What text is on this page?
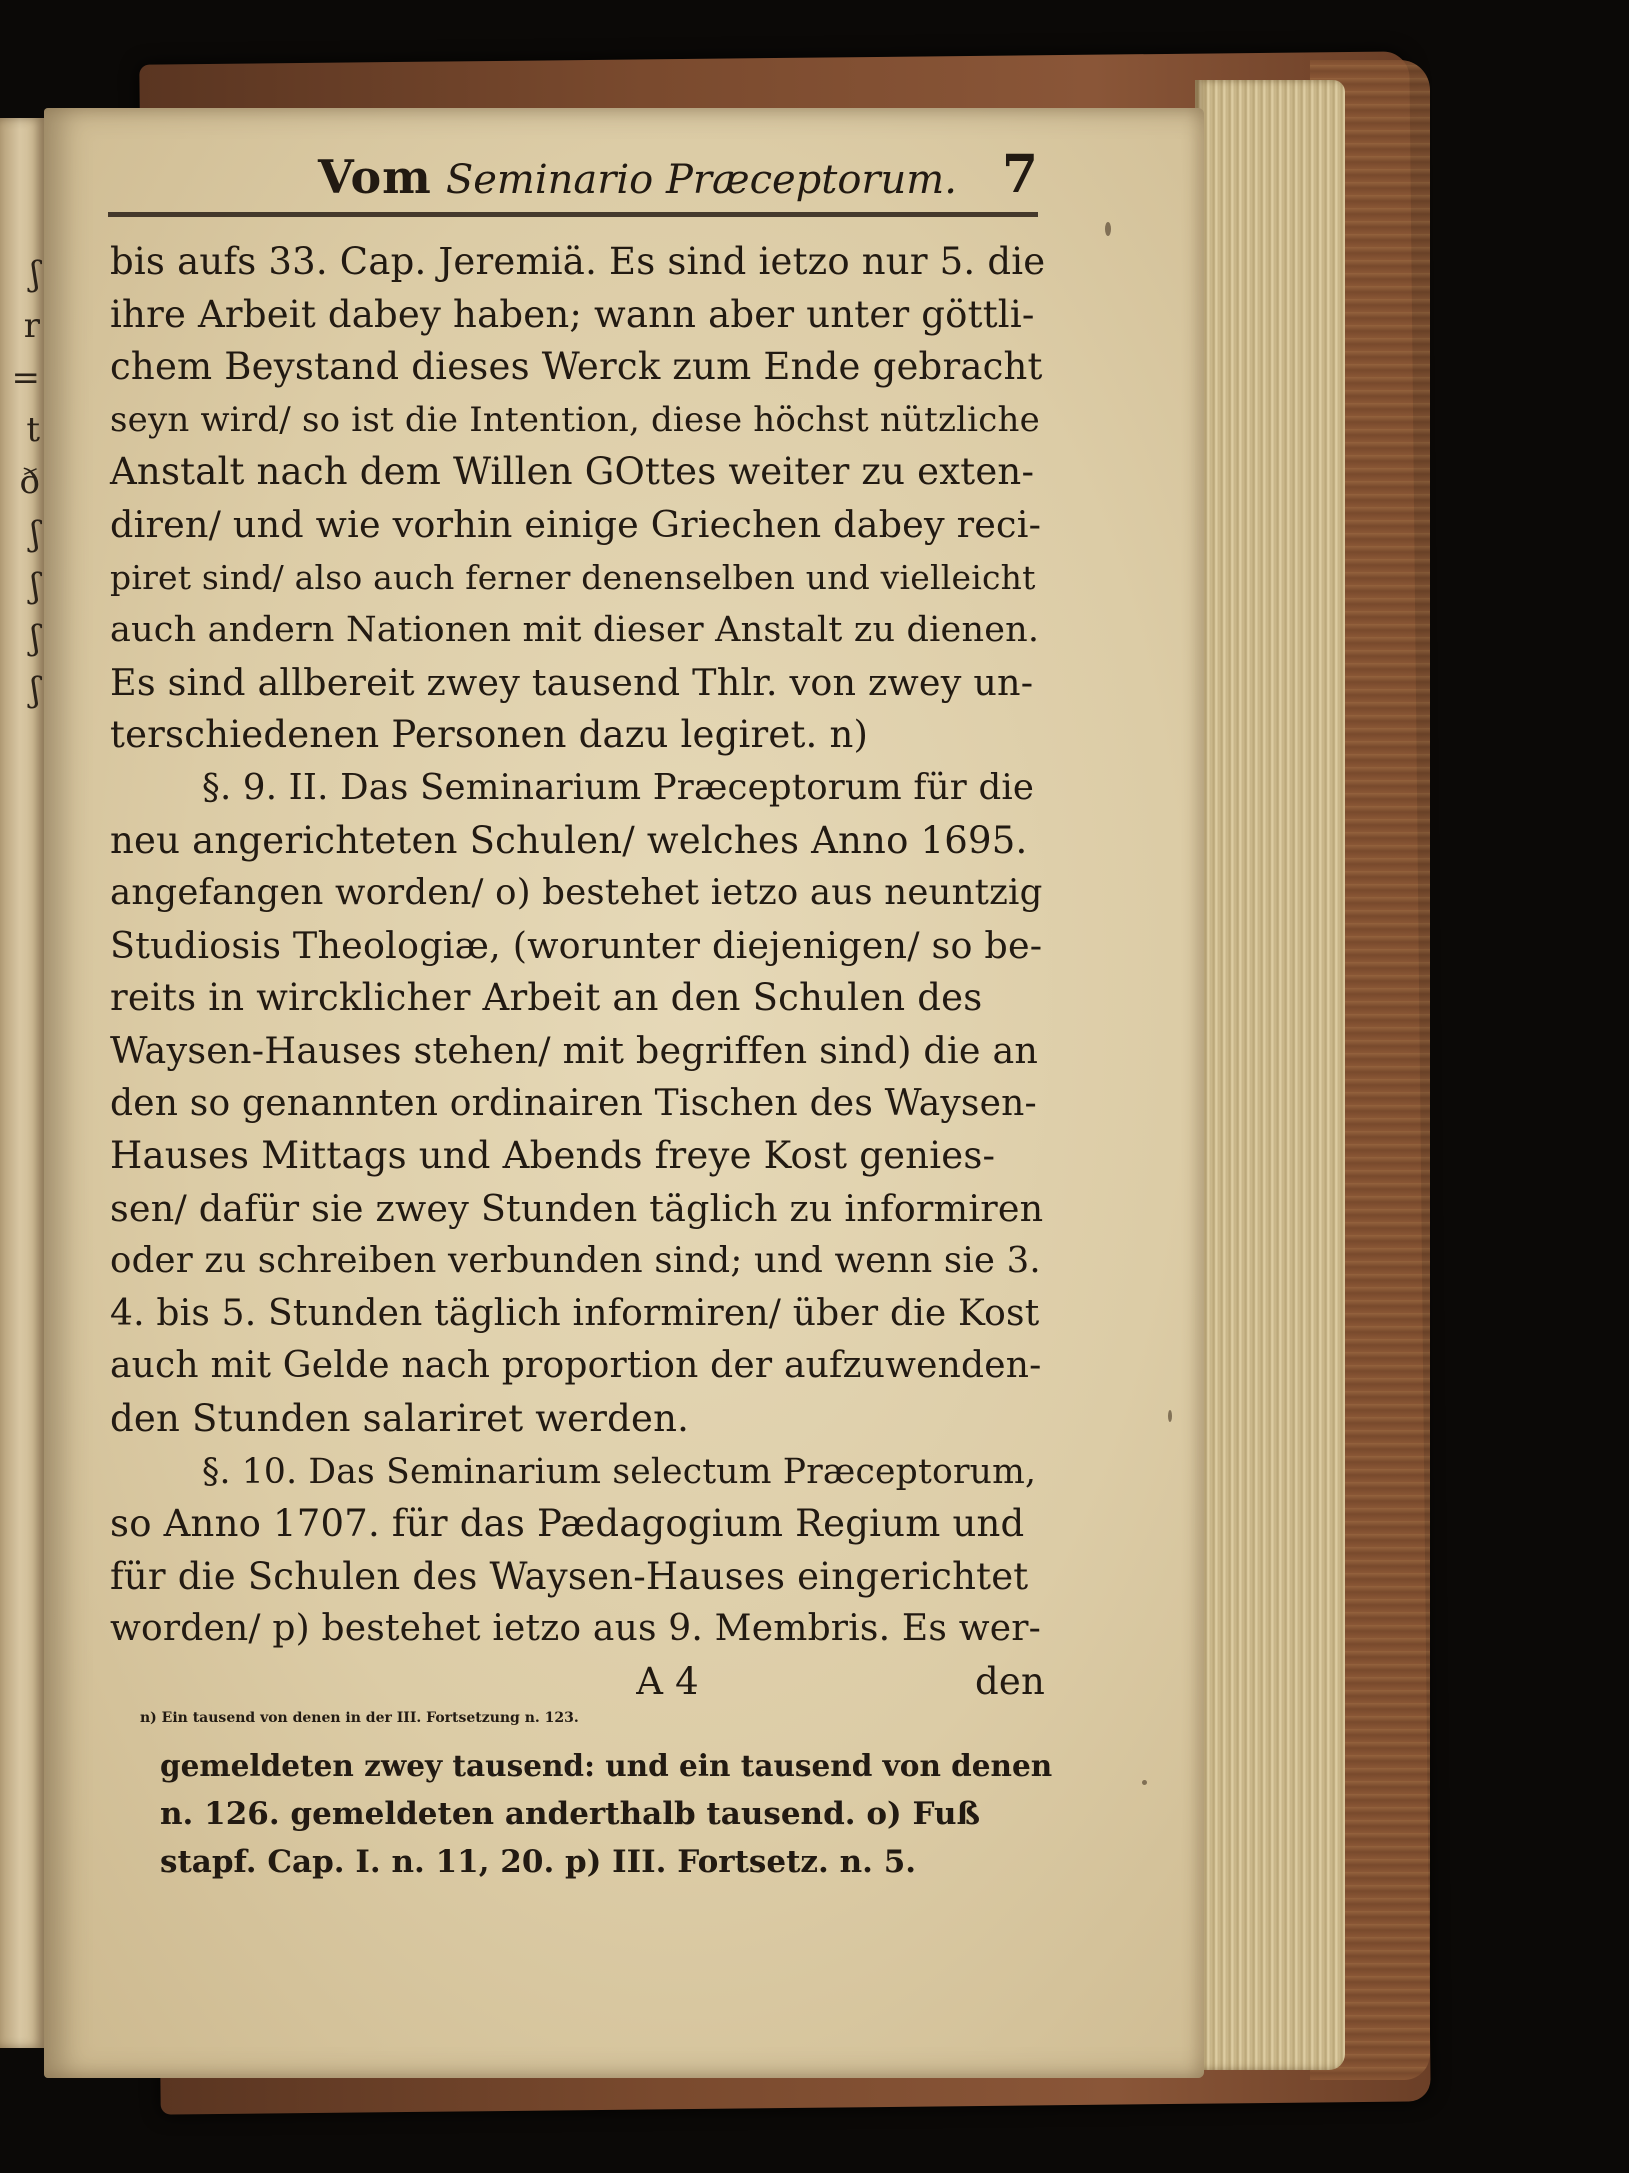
ʃ
r
=
t
ð
ʃ
ʃ
ʃ
ʃ
Vom Seminario Præceptorum. 7
bis aufs 33. Cap. Jeremiä. Es sind ietzo nur 5. die
ihre Arbeit dabey haben; wann aber unter göttli-
chem Beystand dieses Werck zum Ende gebracht
seyn wird/ so ist die Intention, diese höchst nützliche
Anstalt nach dem Willen GOttes weiter zu exten-
diren/ und wie vorhin einige Griechen dabey reci-
piret sind/ also auch ferner denenselben und vielleicht
auch andern Nationen mit dieser Anstalt zu dienen.
Es sind allbereit zwey tausend Thlr. von zwey un-
terschiedenen Personen dazu legiret. n)
§. 9. II. Das Seminarium Præceptorum für die
neu angerichteten Schulen/ welches Anno 1695.
angefangen worden/ o) bestehet ietzo aus neuntzig
Studiosis Theologiæ, (worunter diejenigen/ so be-
reits in wircklicher Arbeit an den Schulen des
Waysen-Hauses stehen/ mit begriffen sind) die an
den so genannten ordinairen Tischen des Waysen-
Hauses Mittags und Abends freye Kost genies-
sen/ dafür sie zwey Stunden täglich zu informiren
oder zu schreiben verbunden sind; und wenn sie 3.
4. bis 5. Stunden täglich informiren/ über die Kost
auch mit Gelde nach proportion der aufzuwenden-
den Stunden salariret werden.
§. 10. Das Seminarium selectum Præceptorum,
so Anno 1707. für das Pædagogium Regium und
für die Schulen des Waysen-Hauses eingerichtet
worden/ p) bestehet ietzo aus 9. Membris. Es wer-
A 4	den
n) Ein tausend von denen in der III. Fortsetzung n. 123.
gemeldeten zwey tausend: und ein tausend von denen
n. 126. gemeldeten anderthalb tausend. o) Fuß
stapf. Cap. I. n. 11, 20. p) III. Fortsetz. n. 5.
